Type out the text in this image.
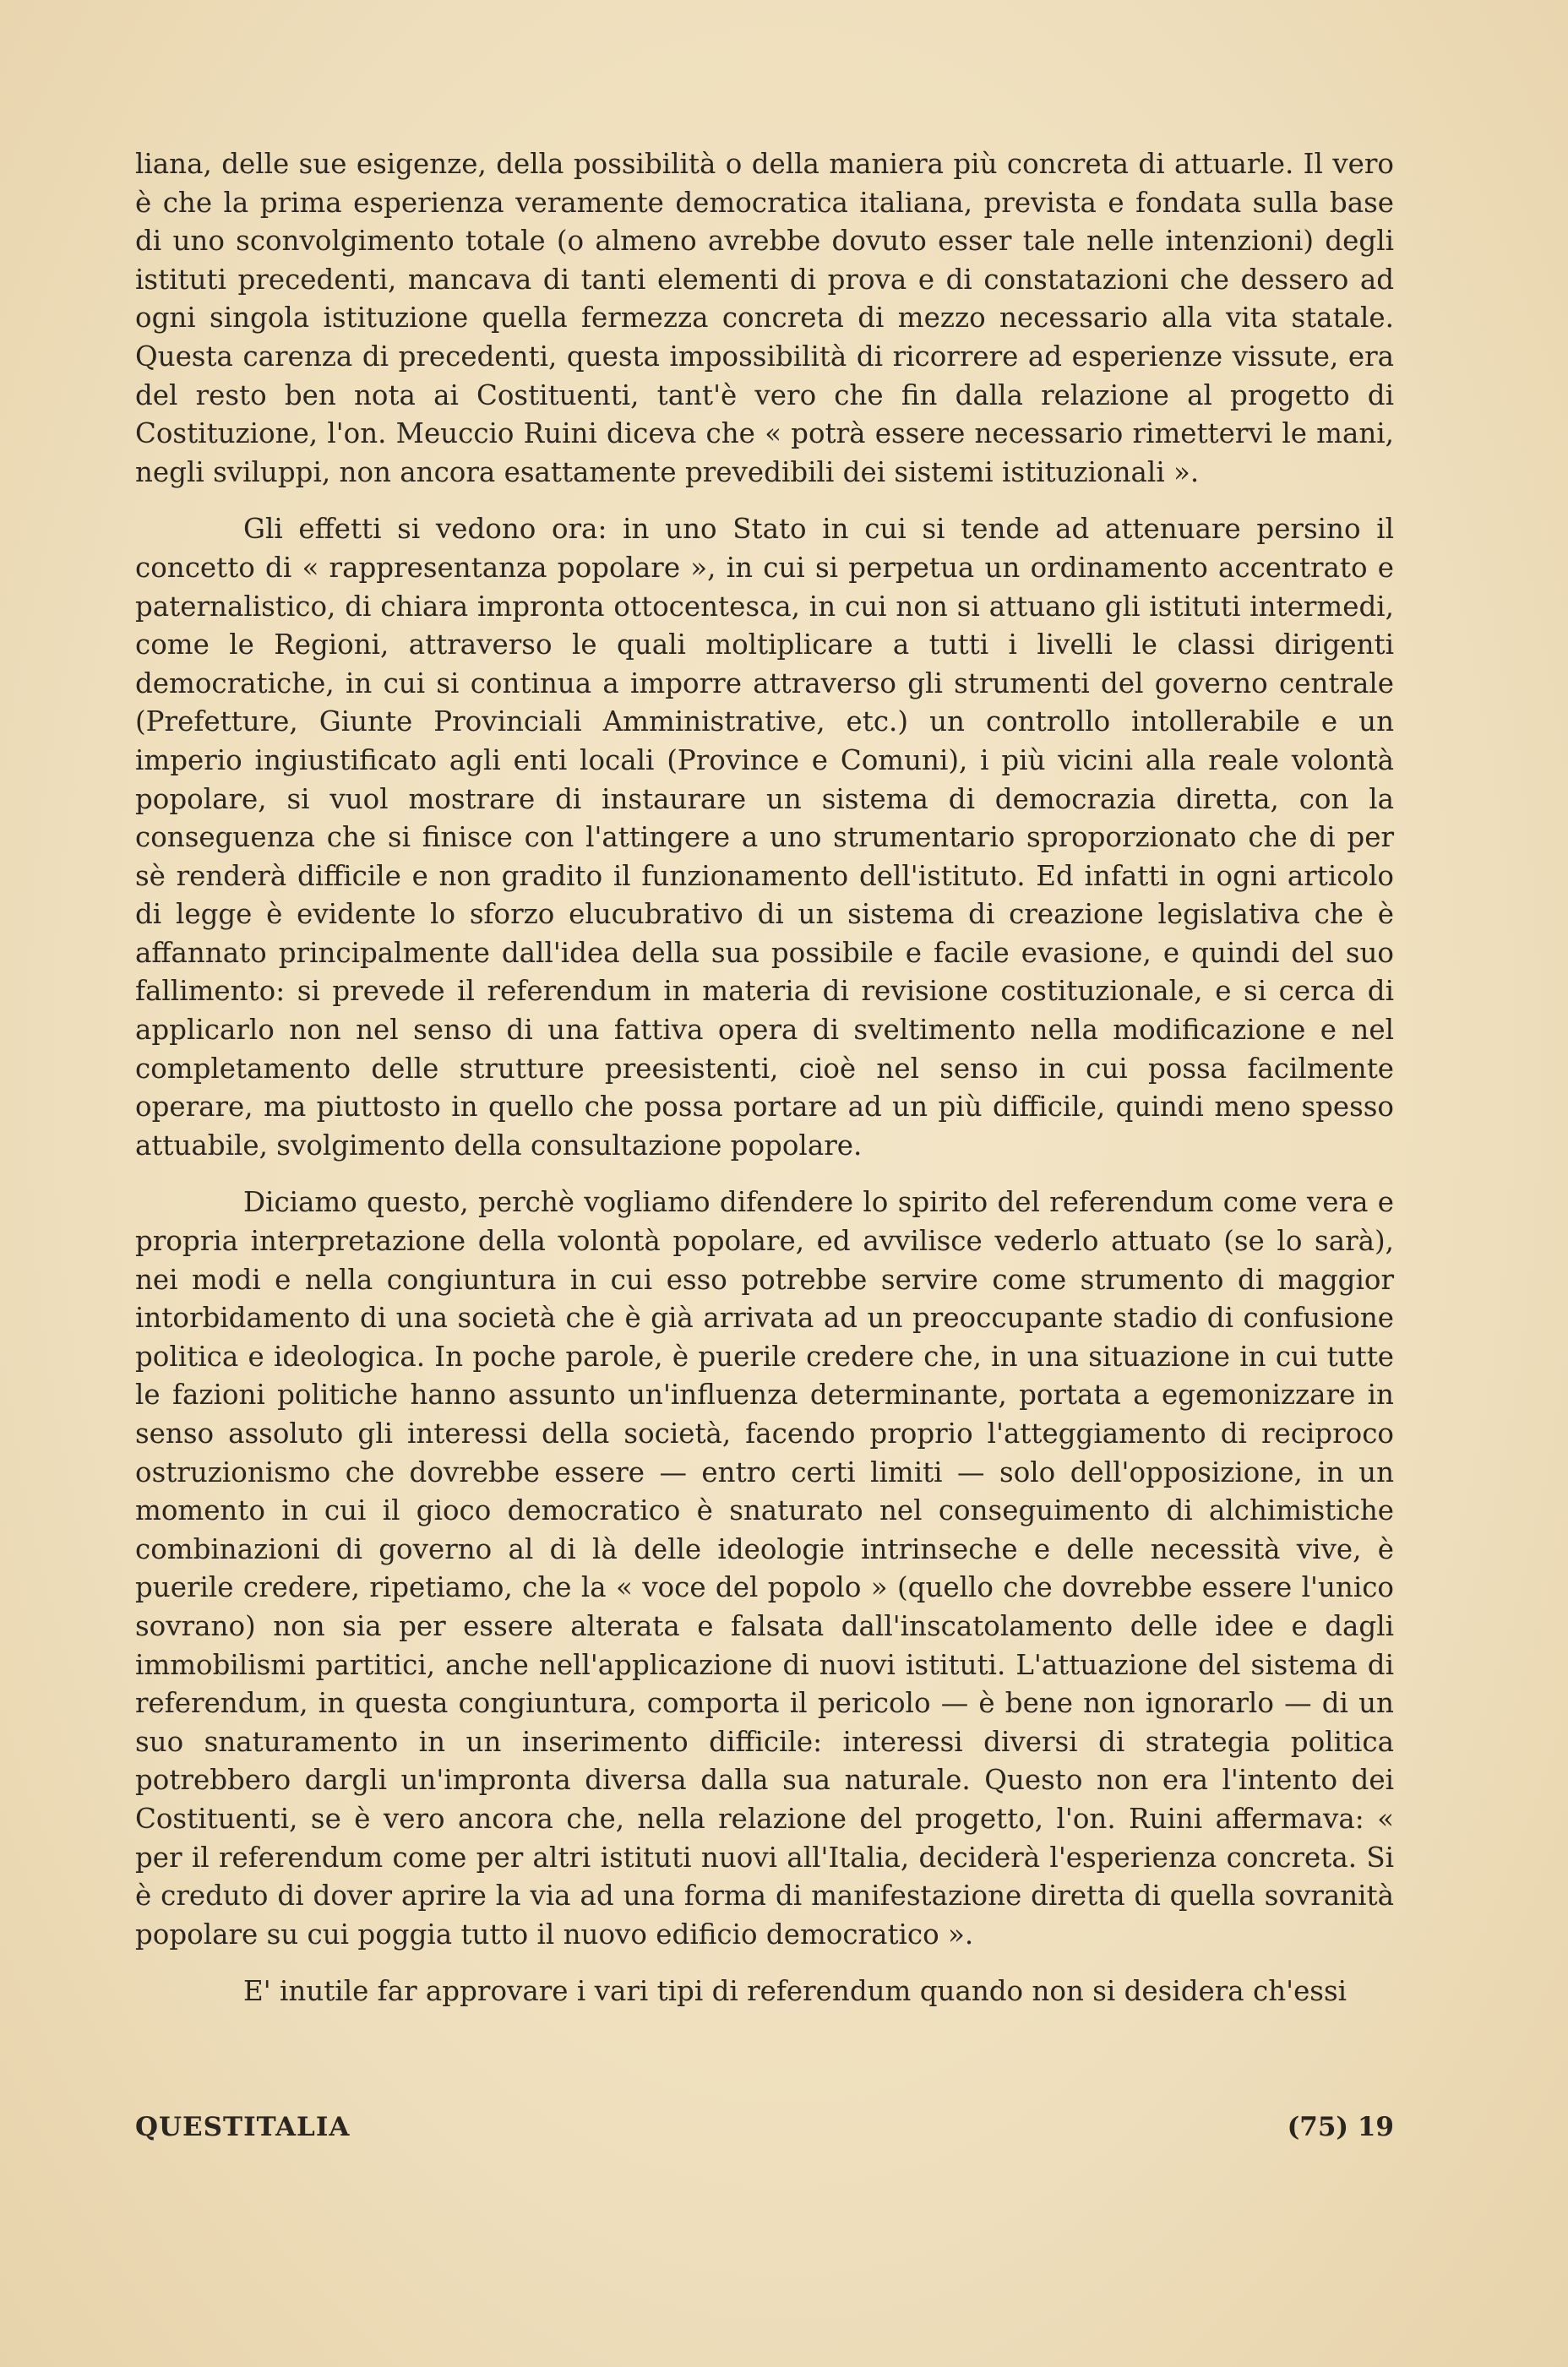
liana, delle sue esigenze, della possibilità o della maniera più concreta di attuarle. Il vero è che la prima esperienza veramente democratica italiana, prevista e fondata sulla base di uno sconvolgimento totale (o almeno avrebbe dovuto esser tale nelle intenzioni) degli istituti precedenti, mancava di tanti elementi di prova e di constatazioni che dessero ad ogni singola istituzione quella fermezza concreta di mezzo necessario alla vita statale. Questa carenza di precedenti, questa impossibilità di ricorrere ad esperienze vissute, era del resto ben nota ai Costituenti, tant'è vero che fin dalla relazione al progetto di Costituzione, l'on. Meuccio Ruini diceva che « potrà essere necessario rimettervi le mani, negli sviluppi, non ancora esattamente prevedibili dei sistemi istituzionali ».

Gli effetti si vedono ora: in uno Stato in cui si tende ad attenuare persino il concetto di « rappresentanza popolare », in cui si perpetua un ordinamento accentrato e paternalistico, di chiara impronta ottocentesca, in cui non si attuano gli istituti intermedi, come le Regioni, attraverso le quali moltiplicare a tutti i livelli le classi dirigenti democratiche, in cui si continua a imporre attraverso gli strumenti del governo centrale (Prefetture, Giunte Provinciali Amministrative, etc.) un controllo intollerabile e un imperio ingiustificato agli enti locali (Province e Comuni), i più vicini alla reale volontà popolare, si vuol mostrare di instaurare un sistema di democrazia diretta, con la conseguenza che si finisce con l'attingere a uno strumentario sproporzionato che di per sè renderà difficile e non gradito il funzionamento dell'istituto. Ed infatti in ogni articolo di legge è evidente lo sforzo elucubrativo di un sistema di creazione legislativa che è affannato principalmente dall'idea della sua possibile e facile evasione, e quindi del suo fallimento: si prevede il referendum in materia di revisione costituzionale, e si cerca di applicarlo non nel senso di una fattiva opera di sveltimento nella modificazione e nel completamento delle strutture preesistenti, cioè nel senso in cui possa facilmente operare, ma piuttosto in quello che possa portare ad un più difficile, quindi meno spesso attuabile, svolgimento della consultazione popolare.

Diciamo questo, perchè vogliamo difendere lo spirito del referendum come vera e propria interpretazione della volontà popolare, ed avvilisce vederlo attuato (se lo sarà), nei modi e nella congiuntura in cui esso potrebbe servire come strumento di maggior intorbidamento di una società che è già arrivata ad un preoccupante stadio di confusione politica e ideologica. In poche parole, è puerile credere che, in una situazione in cui tutte le fazioni politiche hanno assunto un'influenza determinante, portata a egemonizzare in senso assoluto gli interessi della società, facendo proprio l'atteggiamento di reciproco ostruzionismo che dovrebbe essere — entro certi limiti — solo dell'opposizione, in un momento in cui il gioco democratico è snaturato nel conseguimento di alchimistiche combinazioni di governo al di là delle ideologie intrinseche e delle necessità vive, è puerile credere, ripetiamo, che la « voce del popolo » (quello che dovrebbe essere l'unico sovrano) non sia per essere alterata e falsata dall'inscatolamento delle idee e dagli immobilismi partitici, anche nell'applicazione di nuovi istituti. L'attuazione del sistema di referendum, in questa congiuntura, comporta il pericolo — è bene non ignorarlo — di un suo snaturamento in un inserimento difficile: interessi diversi di strategia politica potrebbero dargli un'impronta diversa dalla sua naturale. Questo non era l'intento dei Costituenti, se è vero ancora che, nella relazione del progetto, l'on. Ruini affermava: « per il referendum come per altri istituti nuovi all'Italia, deciderà l'esperienza concreta. Si è creduto di dover aprire la via ad una forma di manifestazione diretta di quella sovranità popolare su cui poggia tutto il nuovo edificio democratico ».

E' inutile far approvare i vari tipi di referendum quando non si desidera ch'essi

QUESTITALIA	(75) 19
